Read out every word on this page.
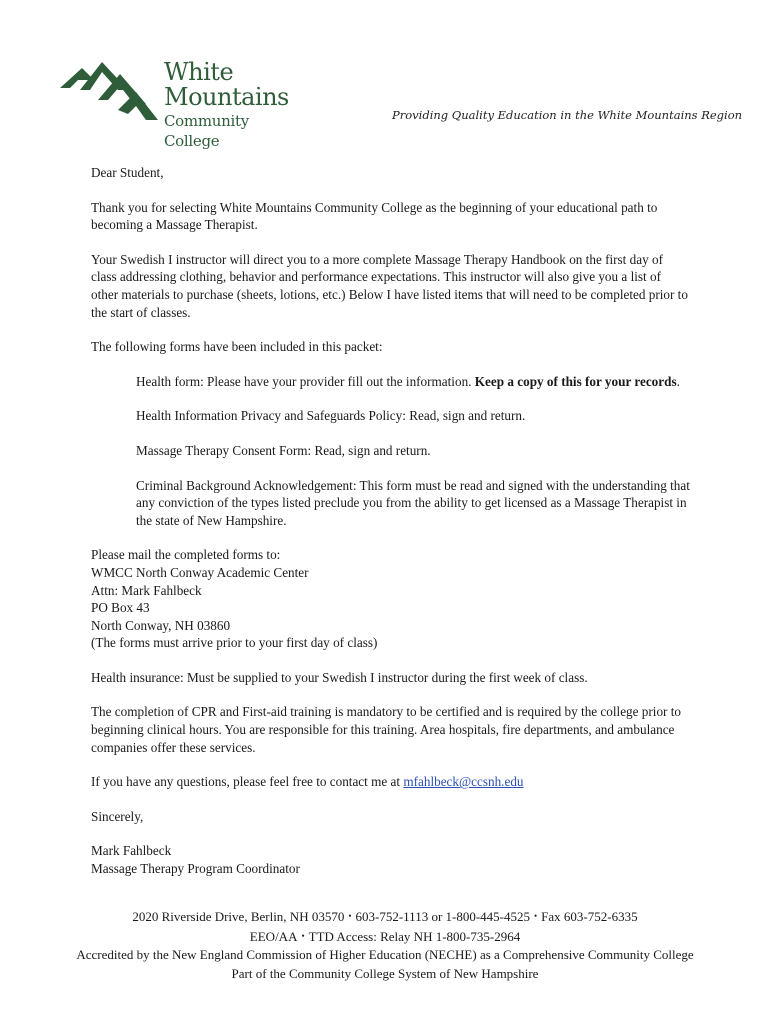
White
Mountains
Community College
Providing Quality Education in the White Mountains Region

Dear Student,

Thank you for selecting White Mountains Community College as the beginning of your educational path to becoming a Massage Therapist.

Your Swedish I instructor will direct you to a more complete Massage Therapy Handbook on the first day of class addressing clothing, behavior and performance expectations. This instructor will also give you a list of other materials to purchase (sheets, lotions, etc.) Below I have listed items that will need to be completed prior to the start of classes.

The following forms have been included in this packet:

Health form: Please have your provider fill out the information. Keep a copy of this for your records.

Health Information Privacy and Safeguards Policy: Read, sign and return.

Massage Therapy Consent Form: Read, sign and return.

Criminal Background Acknowledgement: This form must be read and signed with the understanding that any conviction of the types listed preclude you from the ability to get licensed as a Massage Therapist in the state of New Hampshire.

Please mail the completed forms to:

WMCC North Conway Academic Center

Attn: Mark Fahlbeck

PO Box 43

North Conway, NH 03860

(The forms must arrive prior to your first day of class)

Health insurance: Must be supplied to your Swedish I instructor during the first week of class.

The completion of CPR and First-aid training is mandatory to be certified and is required by the college prior to beginning clinical hours. You are responsible for this training. Area hospitals, fire departments, and ambulance companies offer these services.

If you have any questions, please feel free to contact me at mfahlbeck@ccsnh.edu

Sincerely,

Mark Fahlbeck

Massage Therapy Program Coordinator

2020 Riverside Drive, Berlin, NH 03570 • 603-752-1113 or 1-800-445-4525 • Fax 603-752-6335
EEO/AA • TTD Access: Relay NH 1-800-735-2964
Accredited by the New England Commission of Higher Education (NECHE) as a Comprehensive Community College
Part of the Community College System of New Hampshire
